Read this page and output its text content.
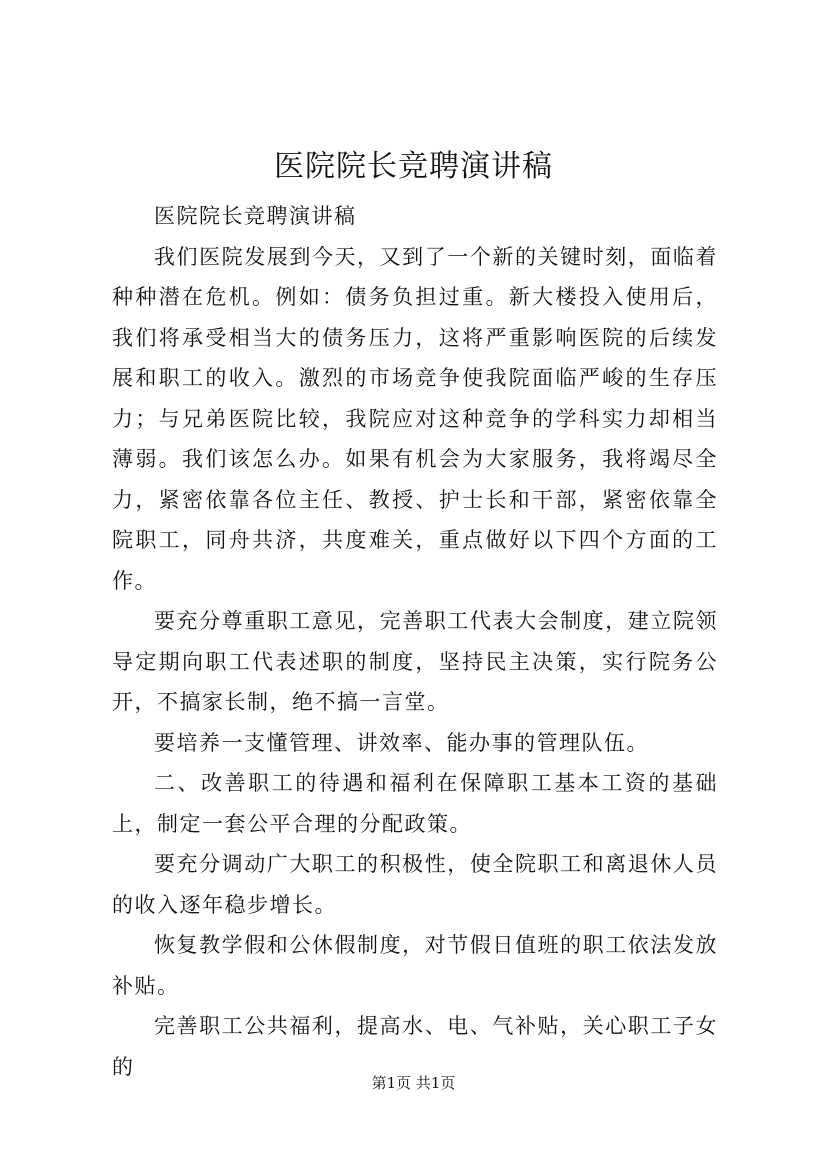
医院院长竞聘演讲稿

医院院长竞聘演讲稿

我们医院发展到今天，又到了一个新的关键时刻，面临着种种潜在危机。例如：债务负担过重。新大楼投入使用后，我们将承受相当大的债务压力，这将严重影响医院的后续发展和职工的收入。激烈的市场竞争使我院面临严峻的生存压力；与兄弟医院比较，我院应对这种竞争的学科实力却相当薄弱。我们该怎么办。如果有机会为大家服务，我将竭尽全力，紧密依靠各位主任、教授、护士长和干部，紧密依靠全院职工，同舟共济，共度难关，重点做好以下四个方面的工作。

要充分尊重职工意见，完善职工代表大会制度，建立院领导定期向职工代表述职的制度，坚持民主决策，实行院务公开，不搞家长制，绝不搞一言堂。

要培养一支懂管理、讲效率、能办事的管理队伍。

二、改善职工的待遇和福利在保障职工基本工资的基础上，制定一套公平合理的分配政策。

要充分调动广大职工的积极性，使全院职工和离退休人员的收入逐年稳步增长。

恢复教学假和公休假制度，对节假日值班的职工依法发放补贴。

完善职工公共福利，提高水、电、气补贴，关心职工子女的

第1页 共1页
